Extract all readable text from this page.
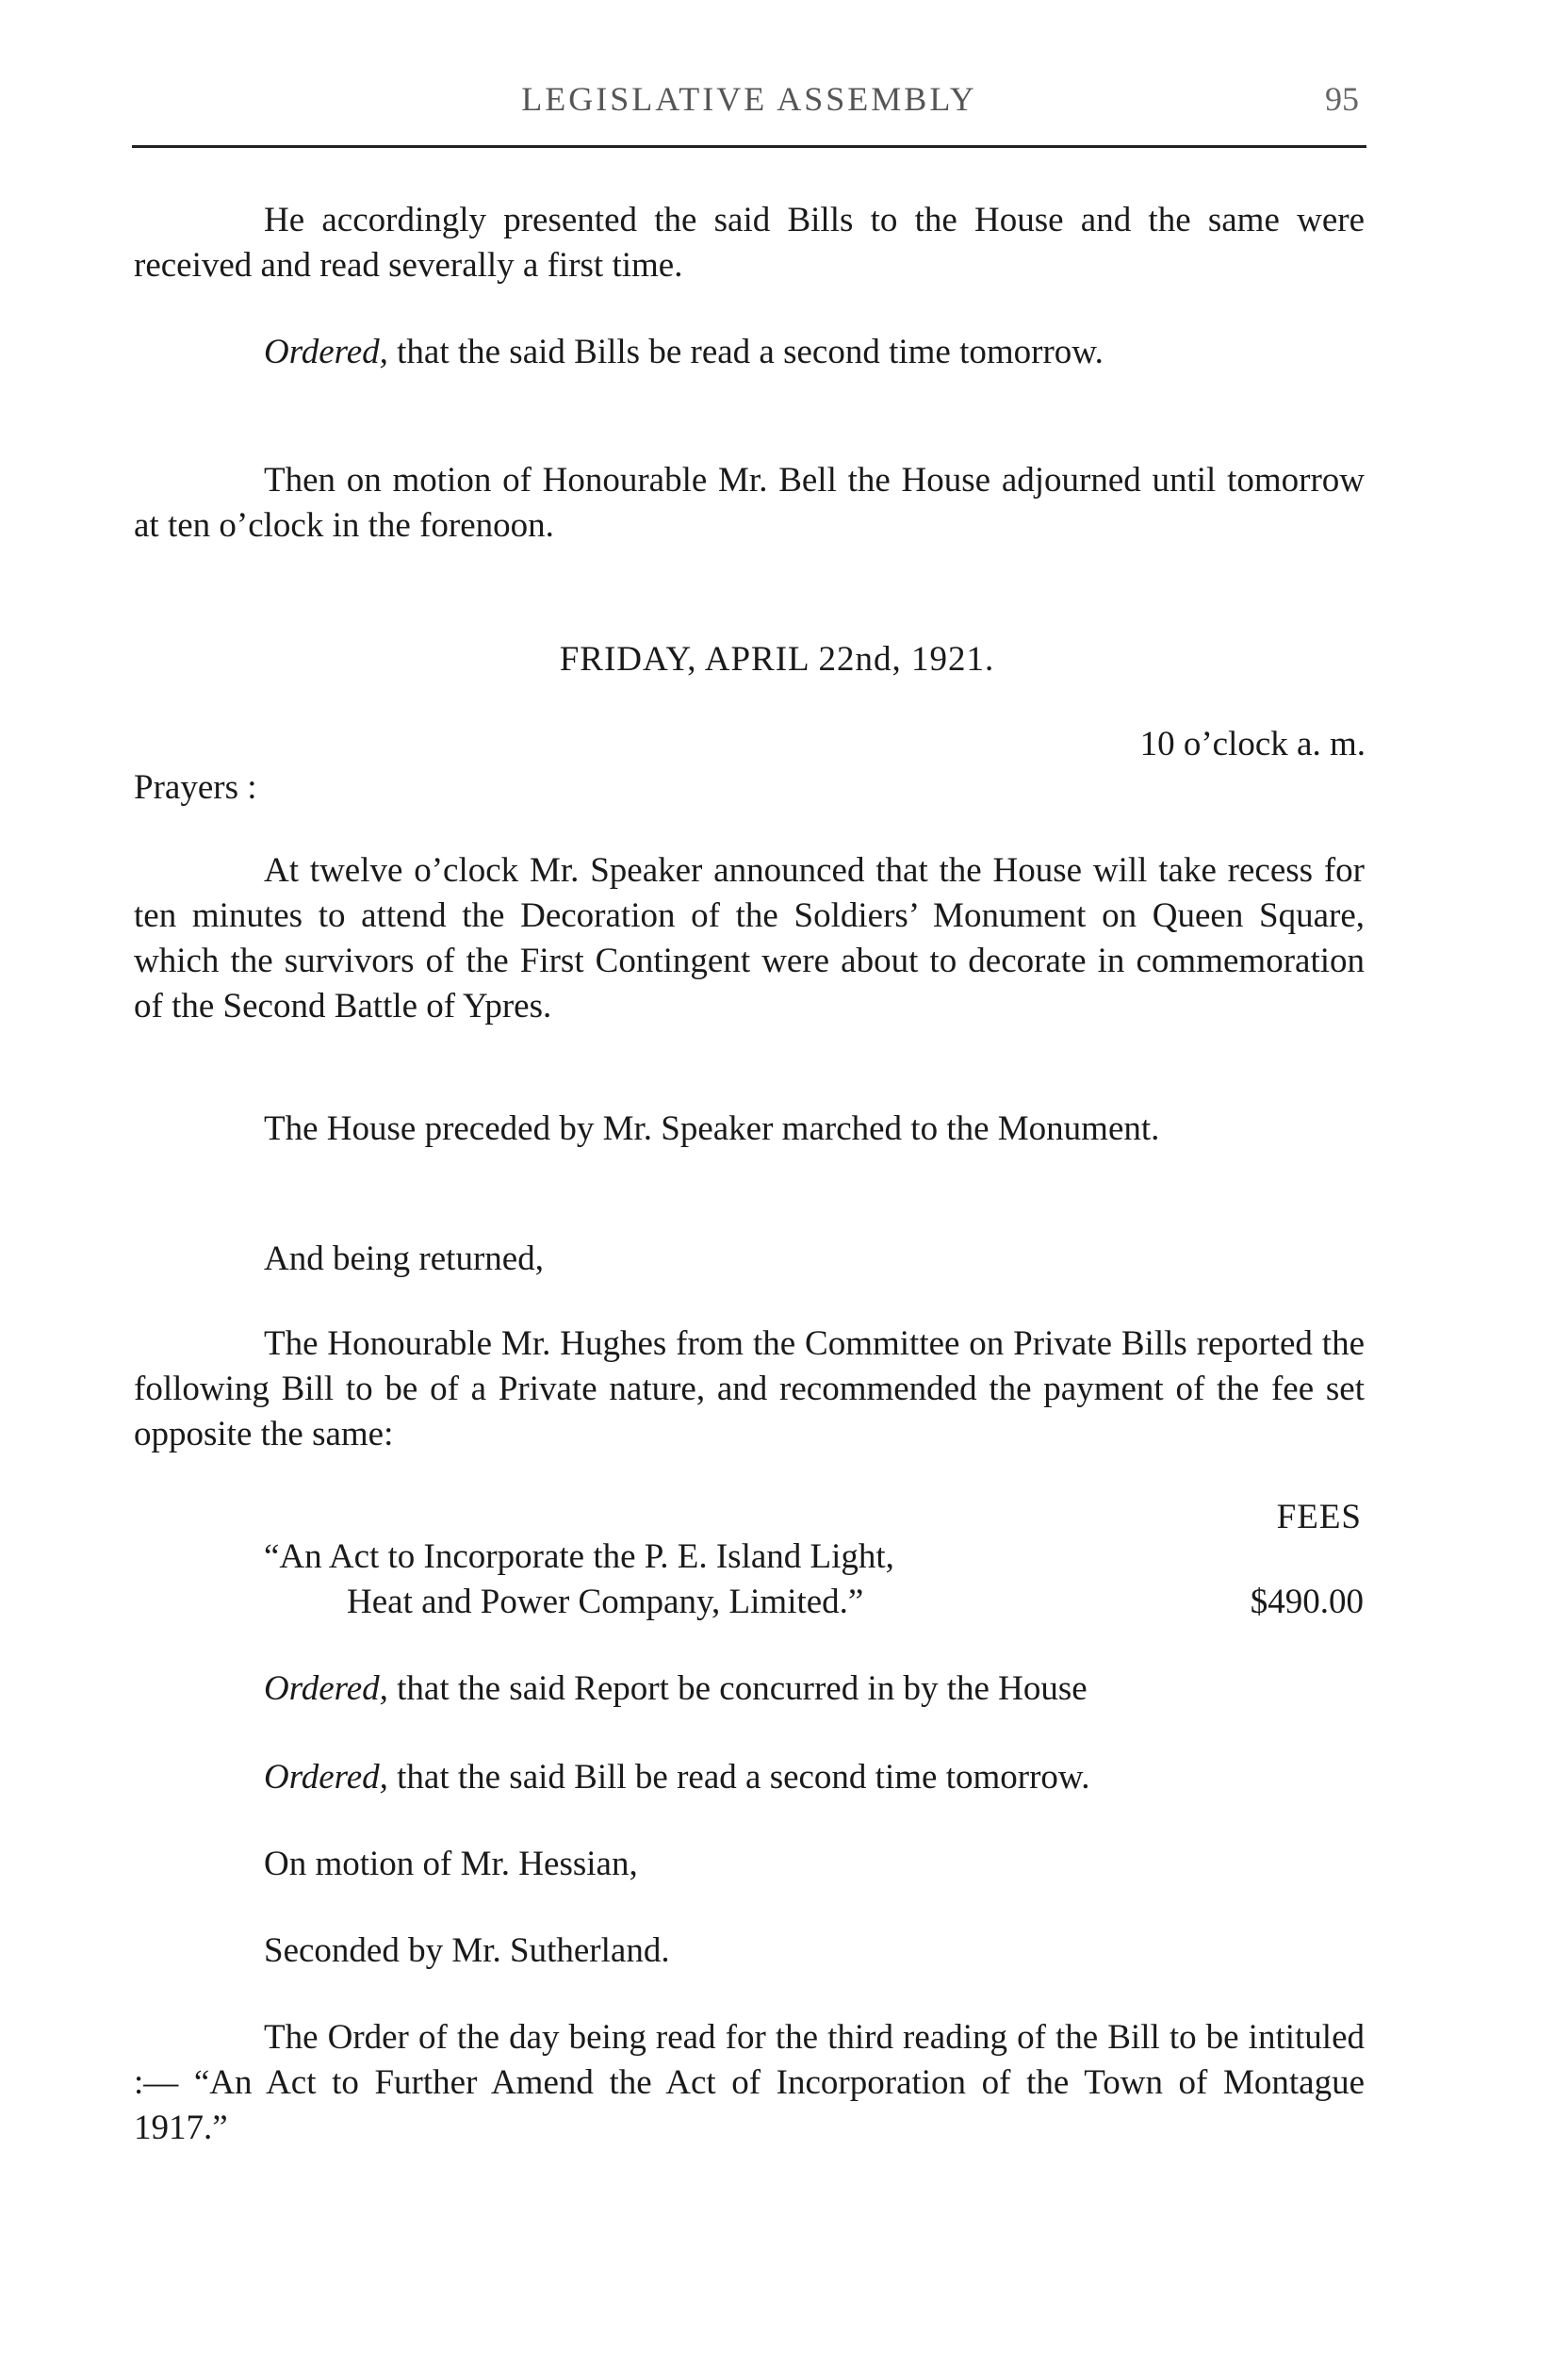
LEGISLATIVE ASSEMBLY	95

He accordingly presented the said Bills to the House and the same were received and read severally a first time.

Ordered, that the said Bills be read a second time tomorrow.

Then on motion of Honourable Mr. Bell the House adjourned until tomorrow at ten o’clock in the forenoon.

FRIDAY, APRIL 22nd, 1921.
10 o’clock a. m.
Prayers :

At twelve o’clock Mr. Speaker announced that the House will take recess for ten minutes to attend the Decoration of the Soldiers’ Monument on Queen Square, which the survivors of the First Contingent were about to decorate in commemoration of the Second Battle of Ypres.

The House preceded by Mr. Speaker marched to the Monument.

And being returned,

The Honourable Mr. Hughes from the Committee on Private Bills reported the following Bill to be of a Private nature, and recommended the payment of the fee set opposite the same:

FEES
“An Act to Incorporate the P. E. Island Light,
Heat and Power Company, Limited.”	$490.00
Ordered, that the said Report be concurred in by the House
Ordered, that the said Bill be read a second time tomorrow.
On motion of Mr. Hessian,
Seconded by Mr. Sutherland.

The Order of the day being read for the third reading of the Bill to be intituled :— “An Act to Further Amend the Act of Incorporation of the Town of Montague 1917.”
